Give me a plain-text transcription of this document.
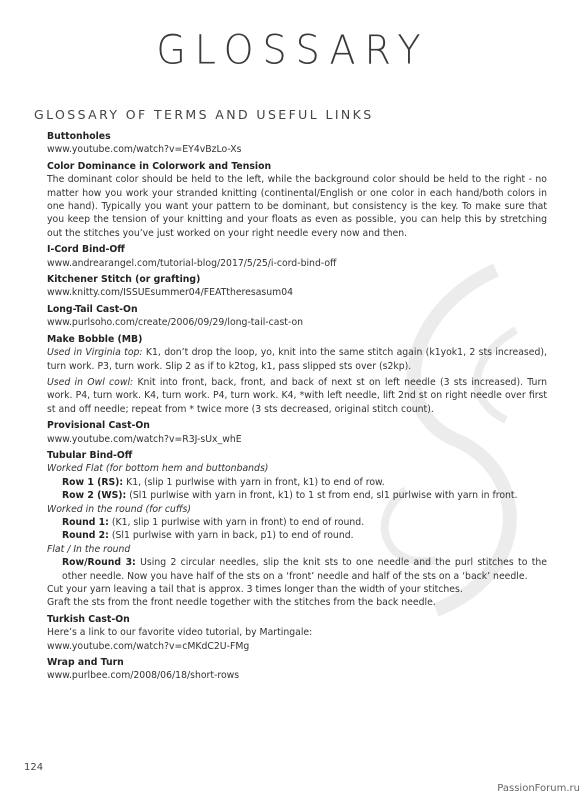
GLOSSARY
GLOSSARY OF TERMS AND USEFUL LINKS
Buttonholes
www.youtube.com/watch?v=EY4vBzLo-Xs
Color Dominance in Colorwork and Tension
The dominant color should be held to the left, while the background color should be held to the right - no matter how you work your stranded knitting (continental/English or one color in each hand/both colors in one hand). Typically you want your pattern to be dominant, but consistency is the key. To make sure that you keep the tension of your knitting and your floats as even as possible, you can help this by stretching out the stitches you’ve just worked on your right needle every now and then.
I-Cord Bind-Off
www.andrearangel.com/tutorial-blog/2017/5/25/i-cord-bind-off
Kitchener Stitch (or grafting)
www.knitty.com/ISSUEsummer04/FEATtheresasum04
Long-Tail Cast-On
www.purlsoho.com/create/2006/09/29/long-tail-cast-on
Make Bobble (MB)
Used in Virginia top: K1, don’t drop the loop, yo, knit into the same stitch again (k1yok1, 2 sts increased), turn work. P3, turn work. Slip 2 as if to k2tog, k1, pass slipped sts over (s2kp).
Used in Owl cowl: Knit into front, back, front, and back of next st on left needle (3 sts increased). Turn work. P4, turn work. K4, turn work. P4, turn work. K4, *with left needle, lift 2nd st on right needle over first st and off needle; repeat from * twice more (3 sts decreased, original stitch count).
Provisional Cast-On
www.youtube.com/watch?v=R3J-sUx_whE
Tubular Bind-Off
Worked Flat (for bottom hem and buttonbands)
Row 1 (RS): K1, (slip 1 purlwise with yarn in front, k1) to end of row.
Row 2 (WS): (Sl1 purlwise with yarn in front, k1) to 1 st from end, sl1 purlwise with yarn in front.
Worked in the round (for cuffs)
Round 1: (K1, slip 1 purlwise with yarn in front) to end of round.
Round 2: (Sl1 purlwise with yarn in back, p1) to end of round.
Flat / In the round
Row/Round 3: Using 2 circular needles, slip the knit sts to one needle and the purl stitches to the other needle. Now you have half of the sts on a ‘front’ needle and half of the sts on a ‘back’ needle.
Cut your yarn leaving a tail that is approx. 3 times longer than the width of your stitches.
Graft the sts from the front needle together with the stitches from the back needle.
Turkish Cast-On
Here’s a link to our favorite video tutorial, by Martingale:
www.youtube.com/watch?v=cMKdC2U-FMg
Wrap and Turn
www.purlbee.com/2008/06/18/short-rows
124
PassionForum.ru
